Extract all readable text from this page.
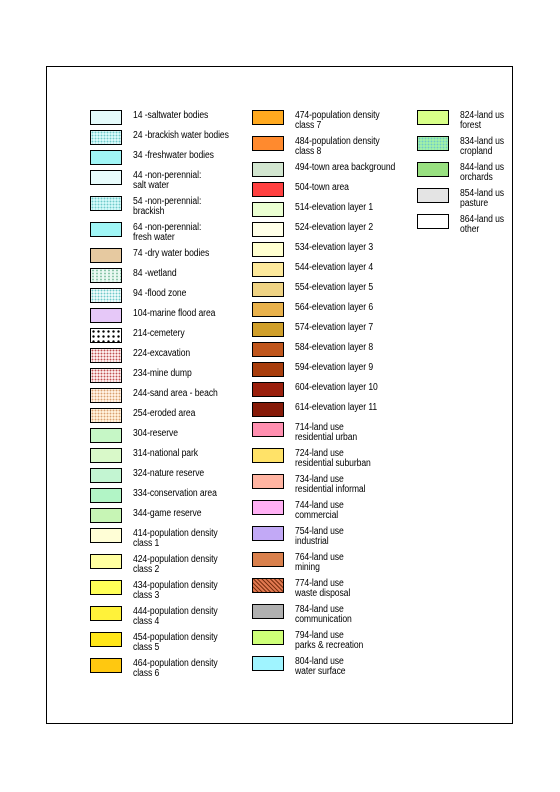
14 -saltwater bodies
24 -brackish water bodies
34 -freshwater bodies
44 -non-perennial:
salt water
54 -non-perennial:
brackish
64 -non-perennial:
fresh water
74 -dry water bodies
84 -wetland
94 -flood zone
104-marine flood area
214-cemetery
224-excavation
234-mine dump
244-sand area - beach
254-eroded area
304-reserve
314-national park
324-nature reserve
334-conservation area
344-game reserve
414-population density
class 1
424-population density
class 2
434-population density
class 3
444-population density
class 4
454-population density
class 5
464-population density
class 6
474-population density
class 7
484-population density
class 8
494-town area background
504-town area
514-elevation layer 1
524-elevation layer 2
534-elevation layer 3
544-elevation layer 4
554-elevation layer 5
564-elevation layer 6
574-elevation layer 7
584-elevation layer 8
594-elevation layer 9
604-elevation layer 10
614-elevation layer 11
714-land use
residential urban
724-land use
residential suburban
734-land use
residential informal
744-land use
commercial
754-land use
industrial
764-land use
mining
774-land use
waste disposal
784-land use
communication
794-land use
parks & recreation
804-land use
water surface
824-land us
forest
834-land us
cropland
844-land us
orchards
854-land us
pasture
864-land us
other
